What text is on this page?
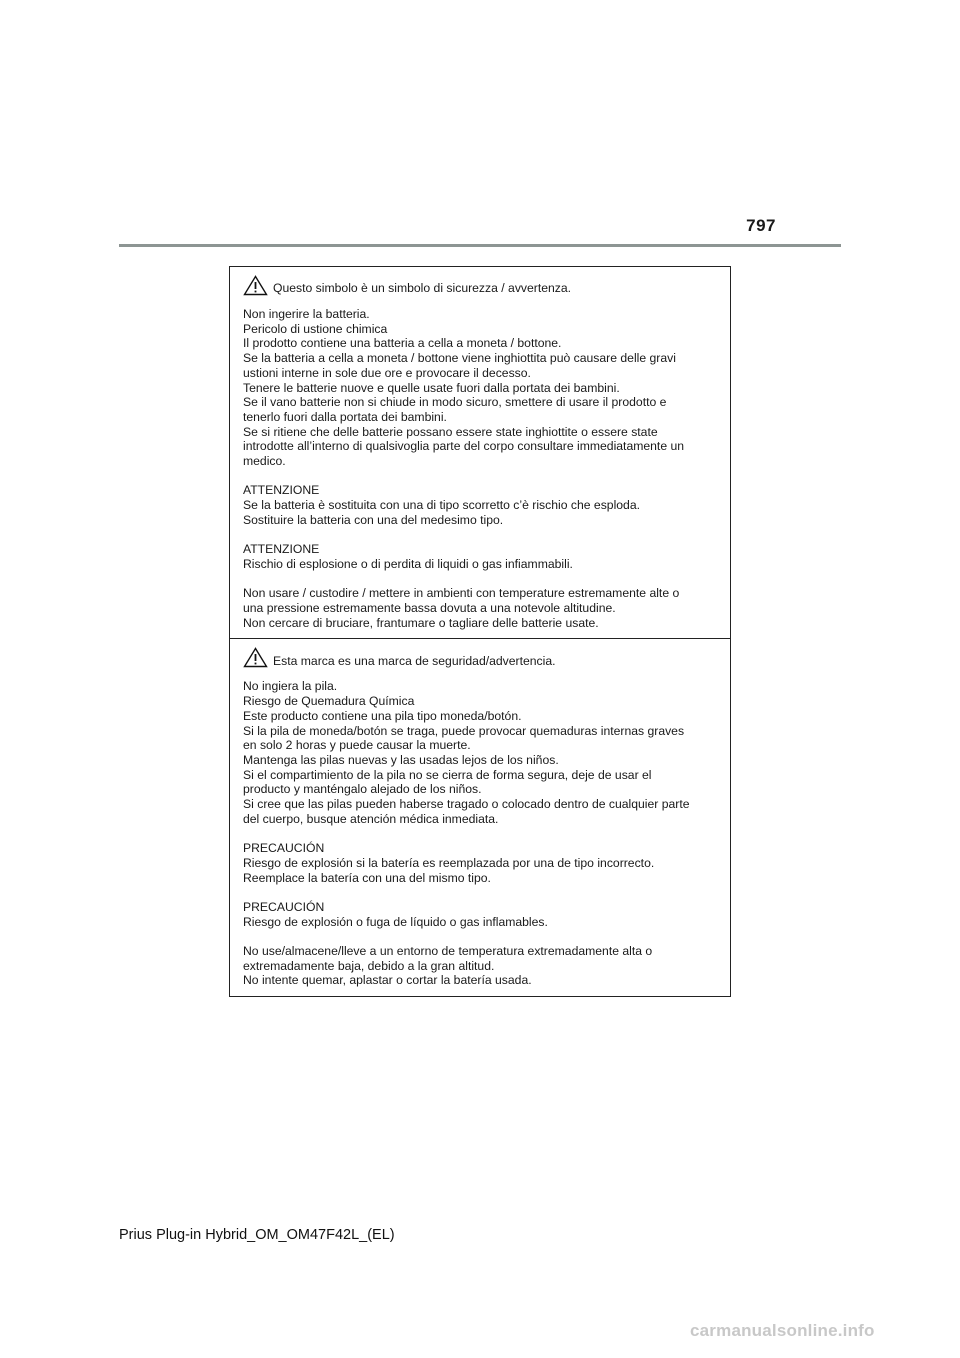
797
Questo simbolo è un simbolo di sicurezza / avvertenza.
Non ingerire la batteria.
Pericolo di ustione chimica
Il prodotto contiene una batteria a cella a moneta / bottone.
Se la batteria a cella a moneta / bottone viene inghiottita può causare delle gravi
ustioni interne in sole due ore e provocare il decesso.
Tenere le batterie nuove e quelle usate fuori dalla portata dei bambini.
Se il vano batterie non si chiude in modo sicuro, smettere di usare il prodotto e
tenerlo fuori dalla portata dei bambini.
Se si ritiene che delle batterie possano essere state inghiottite o essere state
introdotte all’interno di qualsivoglia parte del corpo consultare immediatamente un
medico.
ATTENZIONE
Se la batteria è sostituita con una di tipo scorretto c’è rischio che esploda.
Sostituire la batteria con una del medesimo tipo.
ATTENZIONE
Rischio di esplosione o di perdita di liquidi o gas infiammabili.
Non usare / custodire / mettere in ambienti con temperature estremamente alte o
una pressione estremamente bassa dovuta a una notevole altitudine.
Non cercare di bruciare, frantumare o tagliare delle batterie usate.
Esta marca es una marca de seguridad/advertencia.
No ingiera la pila.
Riesgo de Quemadura Química
Este producto contiene una pila tipo moneda/botón.
Si la pila de moneda/botón se traga, puede provocar quemaduras internas graves
en solo 2 horas y puede causar la muerte.
Mantenga las pilas nuevas y las usadas lejos de los niños.
Si el compartimiento de la pila no se cierra de forma segura, deje de usar el
producto y manténgalo alejado de los niños.
Si cree que las pilas pueden haberse tragado o colocado dentro de cualquier parte
del cuerpo, busque atención médica inmediata.
PRECAUCIÓN
Riesgo de explosión si la batería es reemplazada por una de tipo incorrecto.
Reemplace la batería con una del mismo tipo.
PRECAUCIÓN
Riesgo de explosión o fuga de líquido o gas inflamables.
No use/almacene/lleve a un entorno de temperatura extremadamente alta o
extremadamente baja, debido a la gran altitud.
No intente quemar, aplastar o cortar la batería usada.
Prius Plug-in Hybrid_OM_OM47F42L_(EL)
carmanualsonline.info
